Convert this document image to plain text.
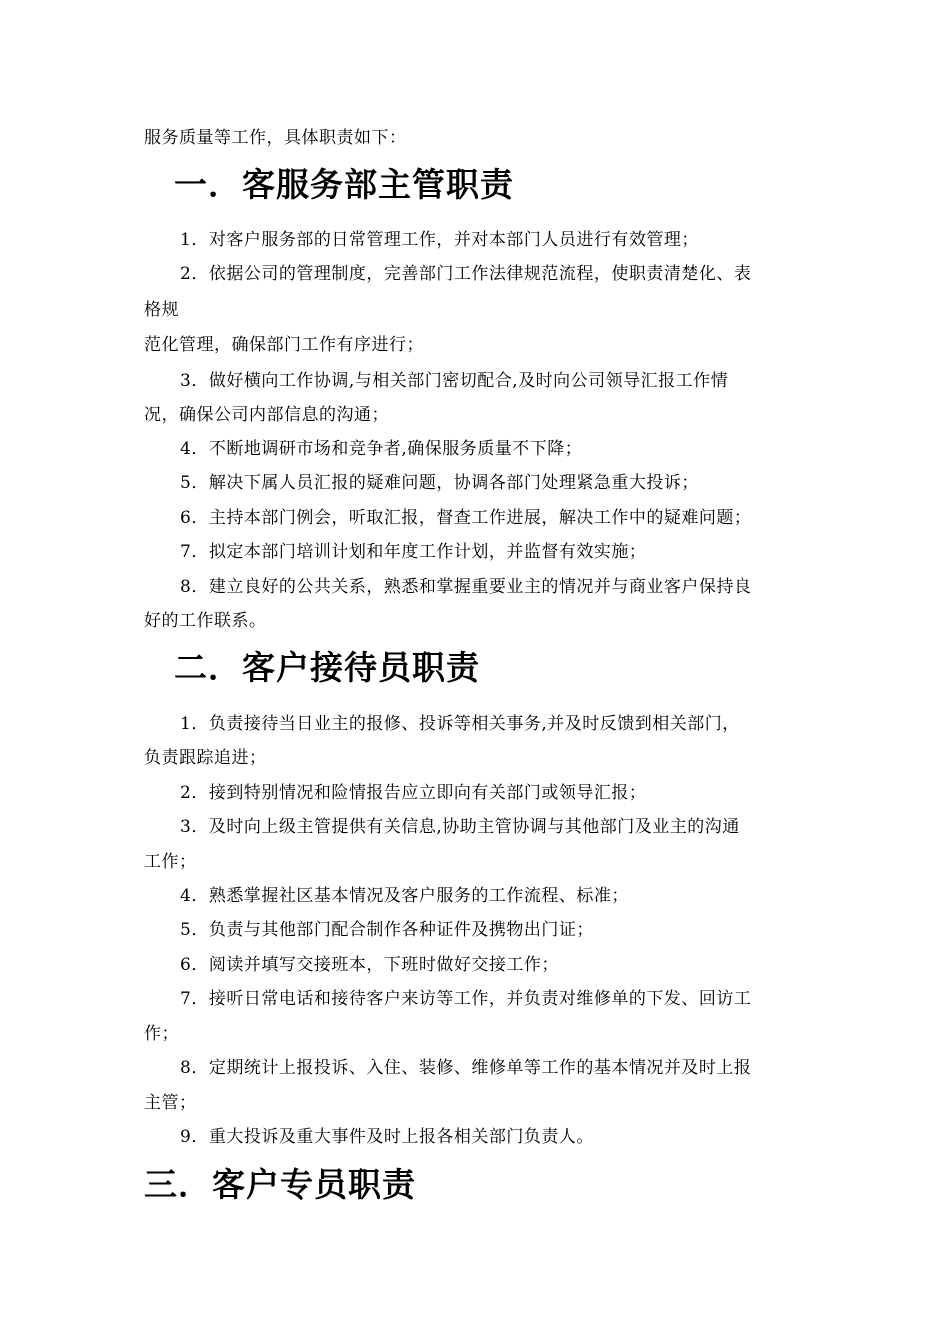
服务质量等工作，具体职责如下：
一．客服务部主管职责
1．对客户服务部的日常管理工作，并对本部门人员进行有效管理；
2．依据公司的管理制度，完善部门工作法律规范流程，使职责清楚化、表
格规
范化管理，确保部门工作有序进行；
3．做好横向工作协调,与相关部门密切配合,及时向公司领导汇报工作情
况，确保公司内部信息的沟通；
4．不断地调研市场和竞争者,确保服务质量不下降；
5．解决下属人员汇报的疑难问题，协调各部门处理紧急重大投诉；
6．主持本部门例会，听取汇报，督查工作进展，解决工作中的疑难问题；
7．拟定本部门培训计划和年度工作计划，并监督有效实施；
8．建立良好的公共关系，熟悉和掌握重要业主的情况并与商业客户保持良
好的工作联系。
二．客户接待员职责
1．负责接待当日业主的报修、投诉等相关事务,并及时反馈到相关部门，
负责跟踪追进；
2．接到特别情况和险情报告应立即向有关部门或领导汇报；
3．及时向上级主管提供有关信息,协助主管协调与其他部门及业主的沟通
工作；
4．熟悉掌握社区基本情况及客户服务的工作流程、标准；
5．负责与其他部门配合制作各种证件及携物出门证；
6．阅读并填写交接班本，下班时做好交接工作；
7．接听日常电话和接待客户来访等工作，并负责对维修单的下发、回访工
作；
8．定期统计上报投诉、入住、装修、维修单等工作的基本情况并及时上报
主管；
9．重大投诉及重大事件及时上报各相关部门负责人。
三．客户专员职责
